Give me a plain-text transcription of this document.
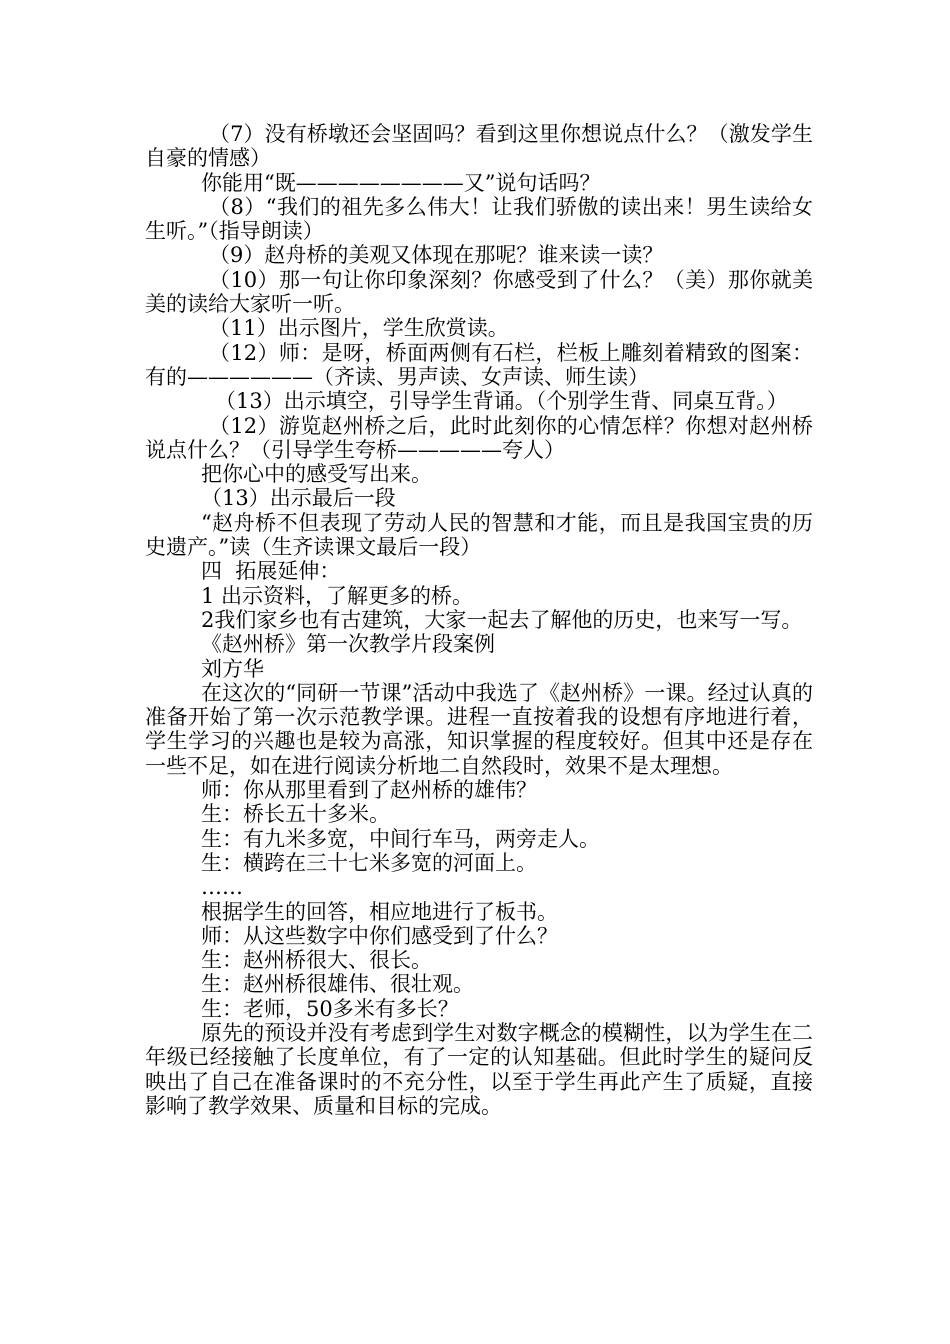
（7）没有桥墩还会坚固吗？看到这里你想说点什么？（激发学生自豪的情感）

你能用“既————————又”说句话吗？

（8）“我们的祖先多么伟大！让我们骄傲的读出来！男生读给女生听。”（指导朗读）

（9）赵舟桥的美观又体现在那呢？谁来读一读？

（10）那一句让你印象深刻？你感受到了什么？（美）那你就美美的读给大家听一听。

（11）出示图片，学生欣赏读。

（12）师：是呀，桥面两侧有石栏，栏板上雕刻着精致的图案：有的——————（齐读、男声读、女声读、师生读）

（13）出示填空，引导学生背诵。（个别学生背、同桌互背。）

（12）游览赵州桥之后，此时此刻你的心情怎样？你想对赵州桥说点什么？（引导学生夸桥—————夸人）

把你心中的感受写出来。

（13）出示最后一段

“赵舟桥不但表现了劳动人民的智慧和才能，而且是我国宝贵的历史遗产。”读（生齐读课文最后一段）

四  拓展延伸：

1 出示资料，了解更多的桥。

2我们家乡也有古建筑，大家一起去了解他的历史，也来写一写。

《赵州桥》第一次教学片段案例

刘方华

在这次的“同研一节课”活动中我选了《赵州桥》一课。经过认真的准备开始了第一次示范教学课。进程一直按着我的设想有序地进行着，学生学习的兴趣也是较为高涨，知识掌握的程度较好。但其中还是存在一些不足，如在进行阅读分析地二自然段时，效果不是太理想。

师：你从那里看到了赵州桥的雄伟？

生：桥长五十多米。

生：有九米多宽，中间行车马，两旁走人。

生：横跨在三十七米多宽的河面上。

……

根据学生的回答，相应地进行了板书。

师：从这些数字中你们感受到了什么？

生：赵州桥很大、很长。

生：赵州桥很雄伟、很壮观。

生：老师，50多米有多长？

原先的预设并没有考虑到学生对数字概念的模糊性，以为学生在二年级已经接触了长度单位，有了一定的认知基础。但此时学生的疑问反映出了自己在准备课时的不充分性，以至于学生再此产生了质疑，直接影响了教学效果、质量和目标的完成。
